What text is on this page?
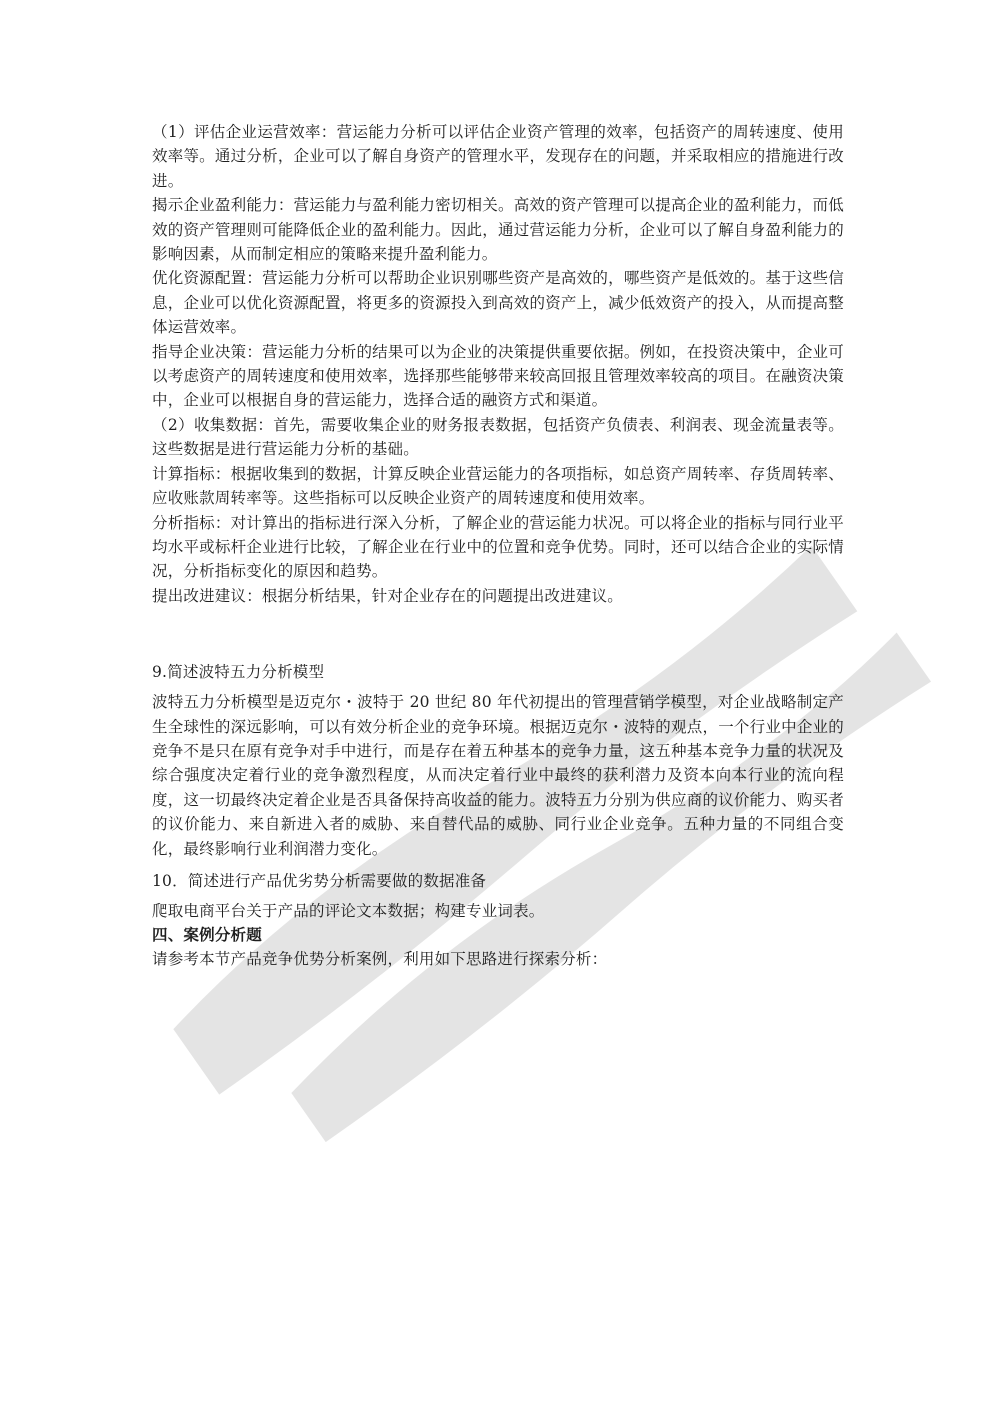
（1）评估企业运营效率：营运能力分析可以评估企业资产管理的效率，包括资产的周转速度、使用效率等。通过分析，企业可以了解自身资产的管理水平，发现存在的问题，并采取相应的措施进行改进。

揭示企业盈利能力：营运能力与盈利能力密切相关。高效的资产管理可以提高企业的盈利能力，而低效的资产管理则可能降低企业的盈利能力。因此，通过营运能力分析，企业可以了解自身盈利能力的影响因素，从而制定相应的策略来提升盈利能力。

优化资源配置：营运能力分析可以帮助企业识别哪些资产是高效的，哪些资产是低效的。基于这些信息，企业可以优化资源配置，将更多的资源投入到高效的资产上，减少低效资产的投入，从而提高整体运营效率。

指导企业决策：营运能力分析的结果可以为企业的决策提供重要依据。例如，在投资决策中，企业可以考虑资产的周转速度和使用效率，选择那些能够带来较高回报且管理效率较高的项目。在融资决策中，企业可以根据自身的营运能力，选择合适的融资方式和渠道。

（2）收集数据：首先，需要收集企业的财务报表数据，包括资产负债表、利润表、现金流量表等。这些数据是进行营运能力分析的基础。

计算指标：根据收集到的数据，计算反映企业营运能力的各项指标，如总资产周转率、存货周转率、应收账款周转率等。这些指标可以反映企业资产的周转速度和使用效率。

分析指标：对计算出的指标进行深入分析，了解企业的营运能力状况。可以将企业的指标与同行业平均水平或标杆企业进行比较，了解企业在行业中的位置和竞争优势。同时，还可以结合企业的实际情况，分析指标变化的原因和趋势。

提出改进建议：根据分析结果，针对企业存在的问题提出改进建议。

9.简述波特五力分析模型

波特五力分析模型是迈克尔・波特于 20 世纪 80 年代初提出的管理营销学模型，对企业战略制定产生全球性的深远影响，可以有效分析企业的竞争环境。根据迈克尔・波特的观点，一个行业中企业的竞争不是只在原有竞争对手中进行，而是存在着五种基本的竞争力量，这五种基本竞争力量的状况及综合强度决定着行业的竞争激烈程度，从而决定着行业中最终的获利潜力及资本向本行业的流向程度，这一切最终决定着企业是否具备保持高收益的能力。波特五力分别为供应商的议价能力、购买者的议价能力、来自新进入者的威胁、来自替代品的威胁、同行业企业竞争。五种力量的不同组合变化，最终影响行业利润潜力变化。

10．简述进行产品优劣势分析需要做的数据准备

爬取电商平台关于产品的评论文本数据；构建专业词表。

四、案例分析题

请参考本节产品竞争优势分析案例，利用如下思路进行探索分析：
